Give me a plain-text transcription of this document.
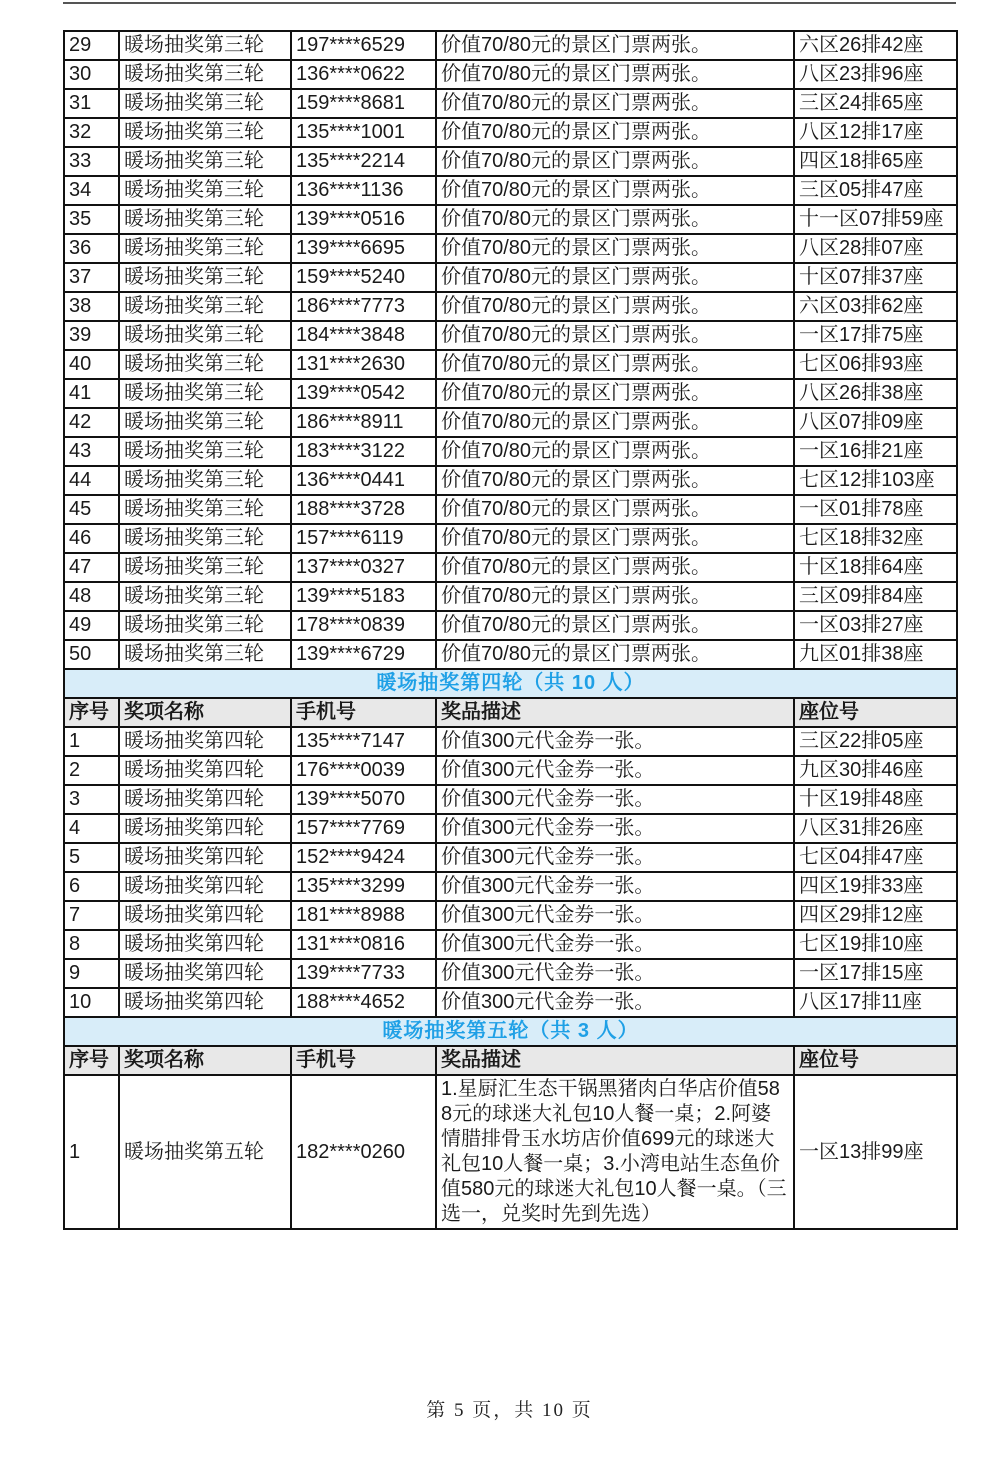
29	暖场抽奖第三轮	197****6529	价值70/80元的景区门票两张。	六区26排42座
30	暖场抽奖第三轮	136****0622	价值70/80元的景区门票两张。	八区23排96座
31	暖场抽奖第三轮	159****8681	价值70/80元的景区门票两张。	三区24排65座
32	暖场抽奖第三轮	135****1001	价值70/80元的景区门票两张。	八区12排17座
33	暖场抽奖第三轮	135****2214	价值70/80元的景区门票两张。	四区18排65座
34	暖场抽奖第三轮	136****1136	价值70/80元的景区门票两张。	三区05排47座
35	暖场抽奖第三轮	139****0516	价值70/80元的景区门票两张。	十一区07排59座
36	暖场抽奖第三轮	139****6695	价值70/80元的景区门票两张。	八区28排07座
37	暖场抽奖第三轮	159****5240	价值70/80元的景区门票两张。	十区07排37座
38	暖场抽奖第三轮	186****7773	价值70/80元的景区门票两张。	六区03排62座
39	暖场抽奖第三轮	184****3848	价值70/80元的景区门票两张。	一区17排75座
40	暖场抽奖第三轮	131****2630	价值70/80元的景区门票两张。	七区06排93座
41	暖场抽奖第三轮	139****0542	价值70/80元的景区门票两张。	八区26排38座
42	暖场抽奖第三轮	186****8911	价值70/80元的景区门票两张。	八区07排09座
43	暖场抽奖第三轮	183****3122	价值70/80元的景区门票两张。	一区16排21座
44	暖场抽奖第三轮	136****0441	价值70/80元的景区门票两张。	七区12排103座
45	暖场抽奖第三轮	188****3728	价值70/80元的景区门票两张。	一区01排78座
46	暖场抽奖第三轮	157****6119	价值70/80元的景区门票两张。	七区18排32座
47	暖场抽奖第三轮	137****0327	价值70/80元的景区门票两张。	十区18排64座
48	暖场抽奖第三轮	139****5183	价值70/80元的景区门票两张。	三区09排84座
49	暖场抽奖第三轮	178****0839	价值70/80元的景区门票两张。	一区03排27座
50	暖场抽奖第三轮	139****6729	价值70/80元的景区门票两张。	九区01排38座
暖场抽奖第四轮（共 10 人）				
序号	奖项名称	手机号	奖品描述	座位号
1	暖场抽奖第四轮	135****7147	价值300元代金券一张。	三区22排05座
2	暖场抽奖第四轮	176****0039	价值300元代金券一张。	九区30排46座
3	暖场抽奖第四轮	139****5070	价值300元代金券一张。	十区19排48座
4	暖场抽奖第四轮	157****7769	价值300元代金券一张。	八区31排26座
5	暖场抽奖第四轮	152****9424	价值300元代金券一张。	七区04排47座
6	暖场抽奖第四轮	135****3299	价值300元代金券一张。	四区19排33座
7	暖场抽奖第四轮	181****8988	价值300元代金券一张。	四区29排12座
8	暖场抽奖第四轮	131****0816	价值300元代金券一张。	七区19排10座
9	暖场抽奖第四轮	139****7733	价值300元代金券一张。	一区17排15座
10	暖场抽奖第四轮	188****4652	价值300元代金券一张。	八区17排11座
暖场抽奖第五轮（共 3 人）				
序号	奖项名称	手机号	奖品描述	座位号
1	暖场抽奖第五轮	182****0260	1.星厨汇生态干锅黑猪肉白华店价值588元的球迷大礼包10人餐一桌；2.阿婆情腊排骨玉水坊店价值699元的球迷大礼包10人餐一桌；3.小湾电站生态鱼价值580元的球迷大礼包10人餐一桌。（三选一，兑奖时先到先选）	一区13排99座
第 5 页，共 10 页
